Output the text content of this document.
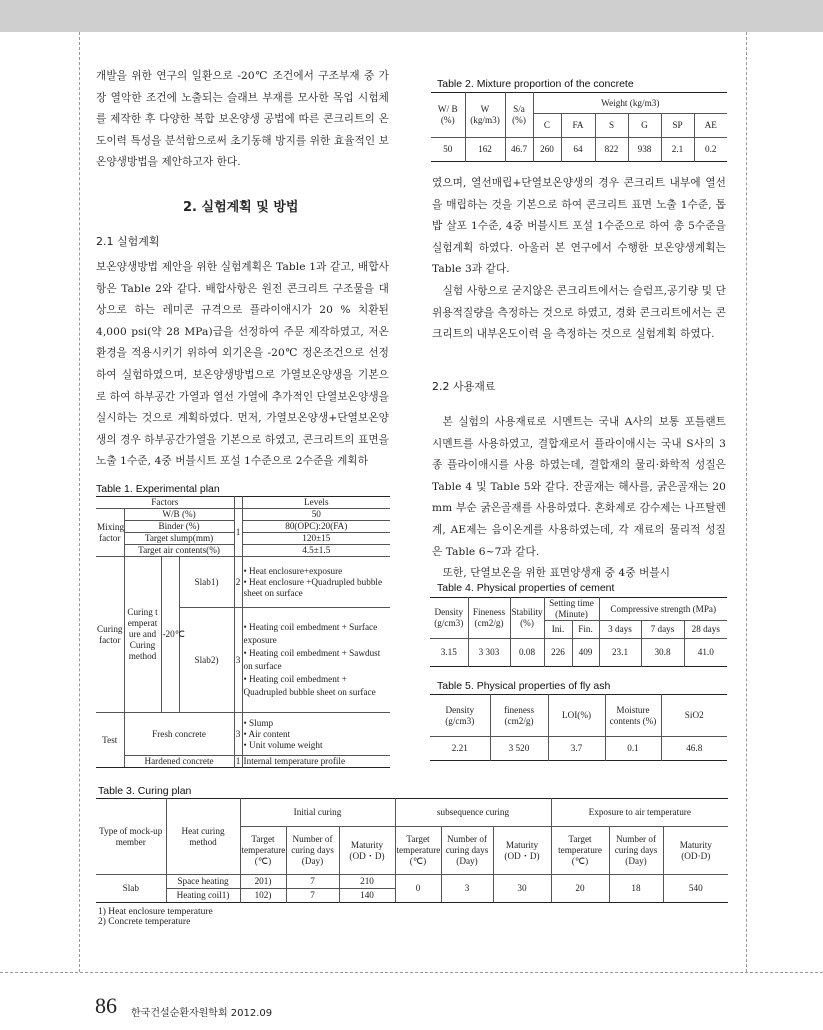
개발을 위한 연구의 일환으로 -20℃ 조건에서 구조부재 중 가장 열악한 조건에 노출되는 슬래브 부재를 모사한 목업 시험체를 제작한 후 다양한 복합 보온양생 공법에 따른 콘크리트의 온도이력 특성을 분석함으로써 초기동해 방지를 위한 효율적인 보온양생방법을 제안하고자 한다.

2. 실험계획 및 방법
2.1 실험계획

보온양생방법 제안을 위한 실험계획은 Table 1과 같고, 배합사항은 Table 2와 같다. 배합사항은 원전 콘크리트 구조물을 대상으로 하는 레미콘 규격으로 플라이애시가 20 % 치환된 4,000 psi(약 28 MPa)급을 선정하여 주문 제작하였고, 저온 환경을 적용시키기 위하여 외기온을 -20℃ 정온조건으로 선정하여 실험하였으며, 보온양생방법으로 가열보온양생을 기본으로 하여 하부공간 가열과 열선 가열에 추가적인 단열보온양생을 실시하는 것으로 계획하였다. 먼저, 가열보온양생+단열보온양생의 경우 하부공간가열을 기본으로 하였고, 콘크리트의 표면을 노출 1수준, 4중 버블시트 포설 1수준으로 2수준을 계획하

Table 1. Experimental plan
Factors					Levels
Mixing factor	W/B (%)			1	50
	Binder (%)				80(OPC):20(FA)
	Target slump(mm)				120±15
	Target air contents(%)				4.5±1.5
Curing factor	Curing temperature and Curing method	-20℃	Slab1)	2	• Heat enclosure+exposure
• Heat enclosure +Quadrupled bubble sheet on surface

			Slab2)	3	• Heating coil embedment + Surface exposure
• Heating coil embedment + Sawdust on surface
• Heating coil embedment + Quadrupled bubble sheet on surface

Test	Fresh concrete			3	• Slump
• Air content
• Unit volume weight

	Hardened concrete			1	Internal temperature profile
Table 2. Mixture proportion of the concrete
W/ B (%)	W (kg/m3)	S/a (%)	Weight (kg/m3)					
			C	FA	S	G	SP	AE
50	162	46.7	260	64	822	938	2.1	0.2

였으며, 열선매립+단열보온양생의 경우 콘크리트 내부에 열선을 매립하는 것을 기본으로 하여 콘크리트 표면 노출 1수준, 톱밥 살포 1수준, 4중 버블시트 포설 1수준으로 하여 총 5수준을 실험계획 하였다. 아울러 본 연구에서 수행한 보온양생계획는 Table 3과 같다.

실험 사항으로 굳지않은 콘크리트에서는 슬럼프,공기량 및 단위용적질량을 측정하는 것으로 하였고, 경화 콘크리트에서는 콘크리트의 내부온도이력 을 측정하는 것으로 실험계획 하였다.

2.2 사용재료

본 실험의 사용재료로 시멘트는 국내 A사의 보통 포틀랜트 시멘트를 사용하였고, 결합재로서 플라이애시는 국내 S사의 3종 플라이애시를 사용 하였는데, 결합재의 물리·화학적 성질은 Table 4 및 Table 5와 같다. 잔골재는 해사를, 굵은골재는 20 mm 부순 굵은골재를 사용하였다. 혼화제로 감수제는 나프탈렌계, AE제는 음이온계를 사용하였는데, 각 재료의 물리적 성질은 Table 6~7과 같다.

또한, 단열보온을 위한 표면양생재 중 4중 버블시

Table 4. Physical properties of cement
Density (g/cm3)	Fineness (cm2/g)	Stability (%)	Setting time (Minute)		Compressive strength (MPa)		
			Ini.	Fin.	3 days	7 days	28 days
3.15	3 303	0.08	226	409	23.1	30.8	41.0
Table 5. Physical properties of fly ash
Density (g/cm3)	fineness (cm2/g)	LOI(%)	Moisture contents (%)	SiO2
2.21	3 520	3.7	0.1	46.8
Table 3. Curing plan
Type of mock-up member	Heat curing method	Initial curing			subsequence curing			Exposure to air temperature		
		Target temperature (℃)	Number of curing days (Day)	Maturity (OD・D)	Target temperature (℃)	Number of curing days (Day)	Maturity (OD・D)	Target temperature (℃)	Number of curing days (Day)	Maturity (OD·D)
Slab	Space heating	201)	7	210	0	3	30	20	18	540
	Heating coil1)	102)	7	140						
1) Heat enclosure temperature
2) Concrete temperature
86 한국건설순환자원학회 2012.09
